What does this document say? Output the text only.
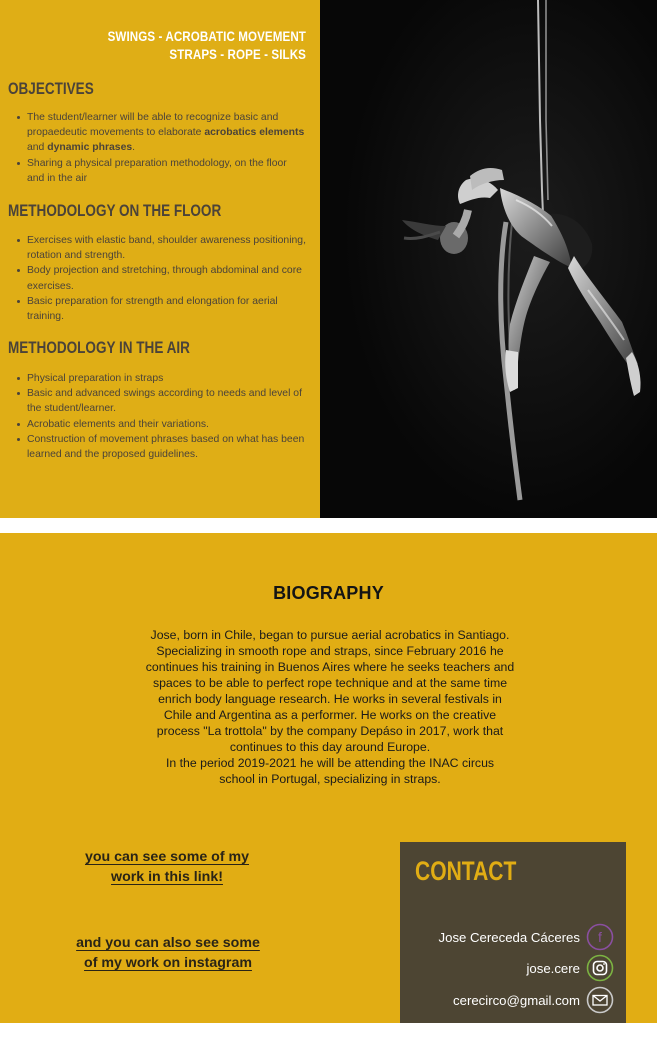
SWINGS - ACROBATIC MOVEMENT
STRAPS - ROPE - SILKS
OBJECTIVES
The student/learner will be able to recognize basic and propaedeutic movements to elaborate acrobatics elements and dynamic phrases.
Sharing a physical preparation methodology, on the floor and in the air
METHODOLOGY ON THE FLOOR
Exercises with elastic band, shoulder awareness positioning, rotation and strength.
Body projection and stretching, through abdominal and core exercises.
Basic preparation for strength and elongation for aerial training.
METHODOLOGY IN THE AIR
Physical preparation in straps
Basic and advanced swings according to needs and level of the student/learner.
Acrobatic elements and their variations.
Construction of movement phrases based on what has been learned and the proposed guidelines.
BIOGRAPHY
Jose, born in Chile, began to pursue aerial acrobatics in Santiago.
Specializing in smooth rope and straps, since February 2016 he
continues his training in Buenos Aires where he seeks teachers and
spaces to be able to perfect rope technique and at the same time
enrich body language research. He works in several festivals in
Chile and Argentina as a performer. He works on the creative
process "La trottola" by the company Depáso in 2017, work that
continues to this day around Europe.
In the period 2019-2021 he will be attending the INAC circus
school in Portugal, specializing in straps.
you can see some of my
work in this link!
and you can also see some
of my work on instagram
CONTACT
Jose Cereceda Cáceres f
jose.cere
cerecirco@gmail.com
+39 389 4652262
